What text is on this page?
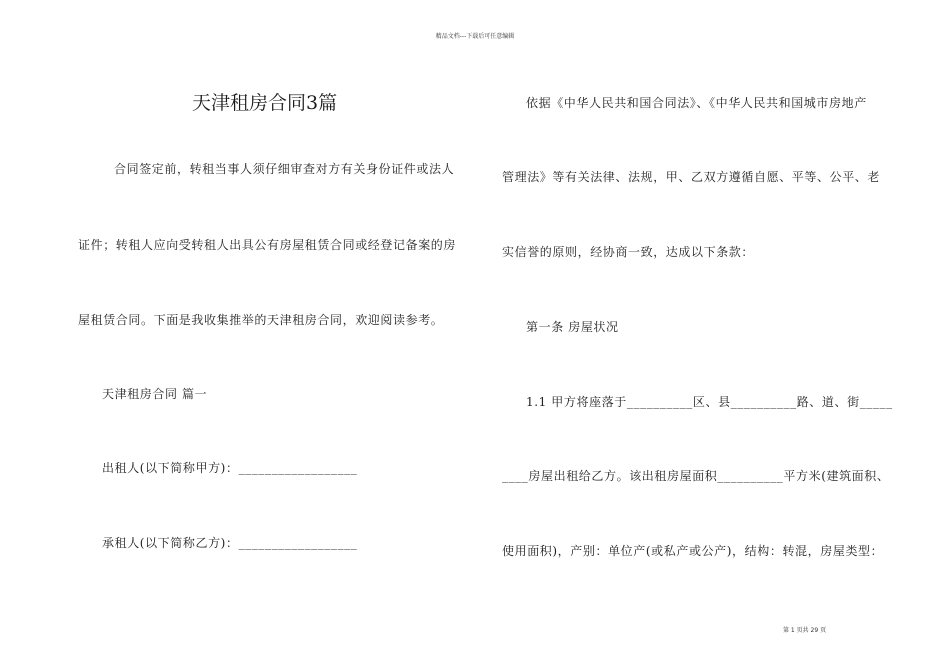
精品文档---下载后可任意编辑
天津租房合同3篇
合同签定前，转租当事人须仔细审查对方有关身份证件或法人
证件；转租人应向受转租人出具公有房屋租赁合同或经登记备案的房
屋租赁合同。下面是我收集推举的天津租房合同，欢迎阅读参考。
天津租房合同 篇一
出租人(以下简称甲方)：__________________
承租人(以下简称乙方)：__________________
依据《中华人民共和国合同法》、《中华人民共和国城市房地产
管理法》等有关法律、法规，甲、乙双方遵循自愿、平等、公平、老
实信誉的原则，经协商一致，达成以下条款：
第一条 房屋状况
1.1 甲方将座落于__________区、县__________路、道、街_____
____房屋出租给乙方。该出租房屋面积__________平方米(建筑面积、
使用面积)，产别：单位产(或私产或公产)，结构：转混，房屋类型：
第 1 页共 29 页
